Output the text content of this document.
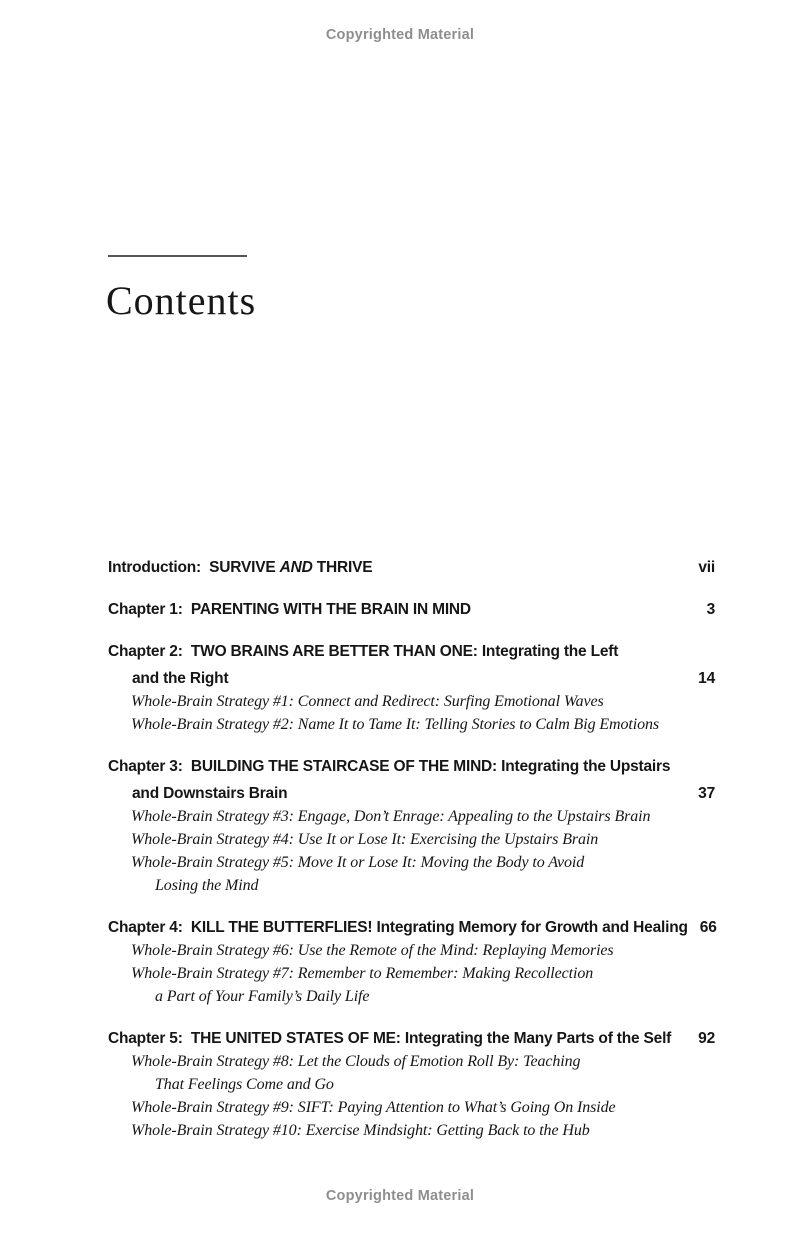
Copyrighted Material
Contents
Introduction:  SURVIVE AND THRIVE	vii
Chapter 1:  PARENTING WITH THE BRAIN IN MIND	3
Chapter 2:  TWO BRAINS ARE BETTER THAN ONE: Integrating the Left
and the Right	14
Whole-Brain Strategy #1: Connect and Redirect: Surfing Emotional Waves
Whole-Brain Strategy #2: Name It to Tame It: Telling Stories to Calm Big Emotions
Chapter 3:  BUILDING THE STAIRCASE OF THE MIND: Integrating the Upstairs
and Downstairs Brain	37
Whole-Brain Strategy #3: Engage, Don’t Enrage: Appealing to the Upstairs Brain
Whole-Brain Strategy #4: Use It or Lose It: Exercising the Upstairs Brain
Whole-Brain Strategy #5: Move It or Lose It: Moving the Body to Avoid
Losing the Mind
Chapter 4:  KILL THE BUTTERFLIES! Integrating Memory for Growth and Healing 66
Whole-Brain Strategy #6: Use the Remote of the Mind: Replaying Memories
Whole-Brain Strategy #7: Remember to Remember: Making Recollection
a Part of Your Family’s Daily Life
Chapter 5:  THE UNITED STATES OF ME: Integrating the Many Parts of the Self	92
Whole-Brain Strategy #8: Let the Clouds of Emotion Roll By: Teaching
That Feelings Come and Go
Whole-Brain Strategy #9: SIFT: Paying Attention to What’s Going On Inside
Whole-Brain Strategy #10: Exercise Mindsight: Getting Back to the Hub
Copyrighted Material
